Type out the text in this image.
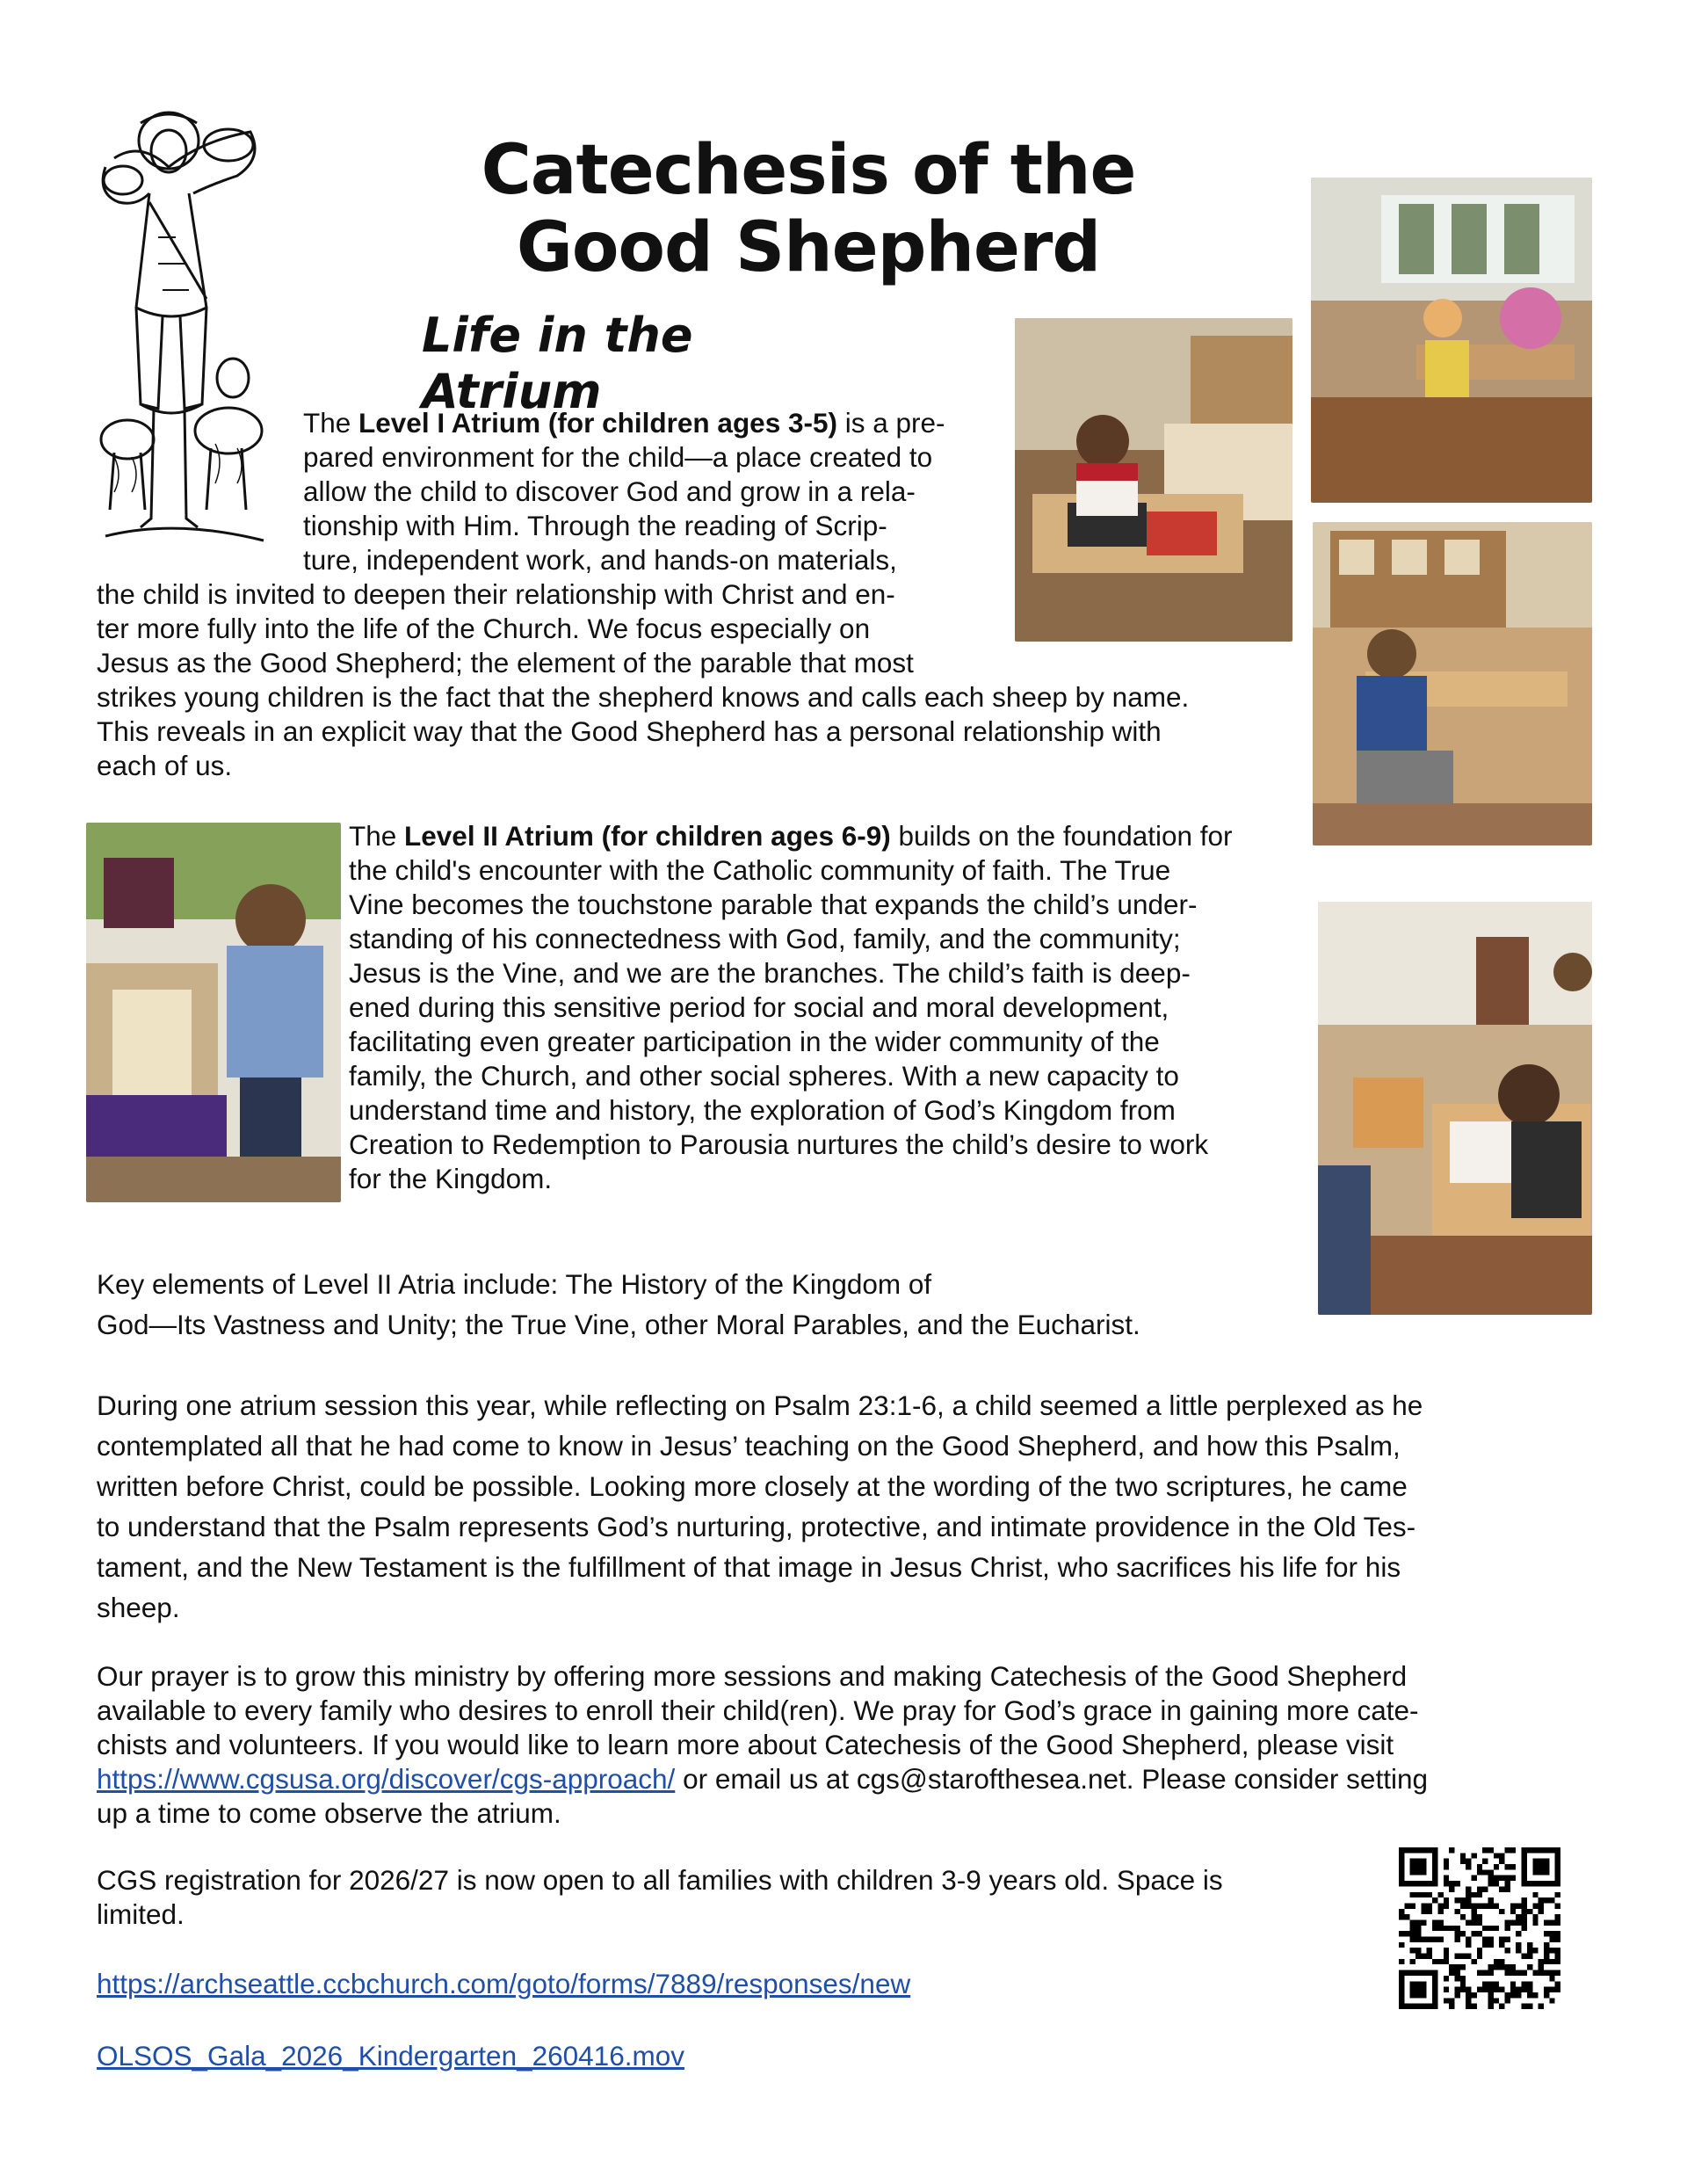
Catechesis of the
Good Shepherd
Life in the Atrium
The Level I Atrium (for children ages 3-5) is a pre-
pared environment for the child—a place created to
allow the child to discover God and grow in a rela-
tionship with Him. Through the reading of Scrip-
ture, independent work, and hands-on materials,
the child is invited to deepen their relationship with Christ and en-
ter more fully into the life of the Church. We focus especially on
Jesus as the Good Shepherd; the element of the parable that most
strikes young children is the fact that the shepherd knows and calls each sheep by name.
This reveals in an explicit way that the Good Shepherd has a personal relationship with
each of us.
The Level II Atrium (for children ages 6-9) builds on the foundation for
the child's encounter with the Catholic community of faith. The True
Vine becomes the touchstone parable that expands the child’s under-
standing of his connectedness with God, family, and the community;
Jesus is the Vine, and we are the branches. The child’s faith is deep-
ened during this sensitive period for social and moral development,
facilitating even greater participation in the wider community of the
family, the Church, and other social spheres. With a new capacity to
understand time and history, the exploration of God’s Kingdom from
Creation to Redemption to Parousia nurtures the child’s desire to work
for the Kingdom.
Key elements of Level II Atria include: The History of the Kingdom of
God—Its Vastness and Unity; the True Vine, other Moral Parables, and the Eucharist.
During one atrium session this year, while reflecting on Psalm 23:1-6, a child seemed a little perplexed as he
contemplated all that he had come to know in Jesus’ teaching on the Good Shepherd, and how this Psalm,
written before Christ, could be possible. Looking more closely at the wording of the two scriptures, he came
to understand that the Psalm represents God’s nurturing, protective, and intimate providence in the Old Tes-
tament, and the New Testament is the fulfillment of that image in Jesus Christ, who sacrifices his life for his
sheep.
Our prayer is to grow this ministry by offering more sessions and making Catechesis of the Good Shepherd
available to every family who desires to enroll their child(ren). We pray for God’s grace in gaining more cate-
chists and volunteers. If you would like to learn more about Catechesis of the Good Shepherd, please visit
https://www.cgsusa.org/discover/cgs-approach/ or email us at cgs@starofthesea.net. Please consider setting
up a time to come observe the atrium.
CGS registration for 2026/27 is now open to all families with children 3-9 years old. Space is
limited.
https://archseattle.ccbchurch.com/goto/forms/7889/responses/new
OLSOS_Gala_2026_Kindergarten_260416.mov
